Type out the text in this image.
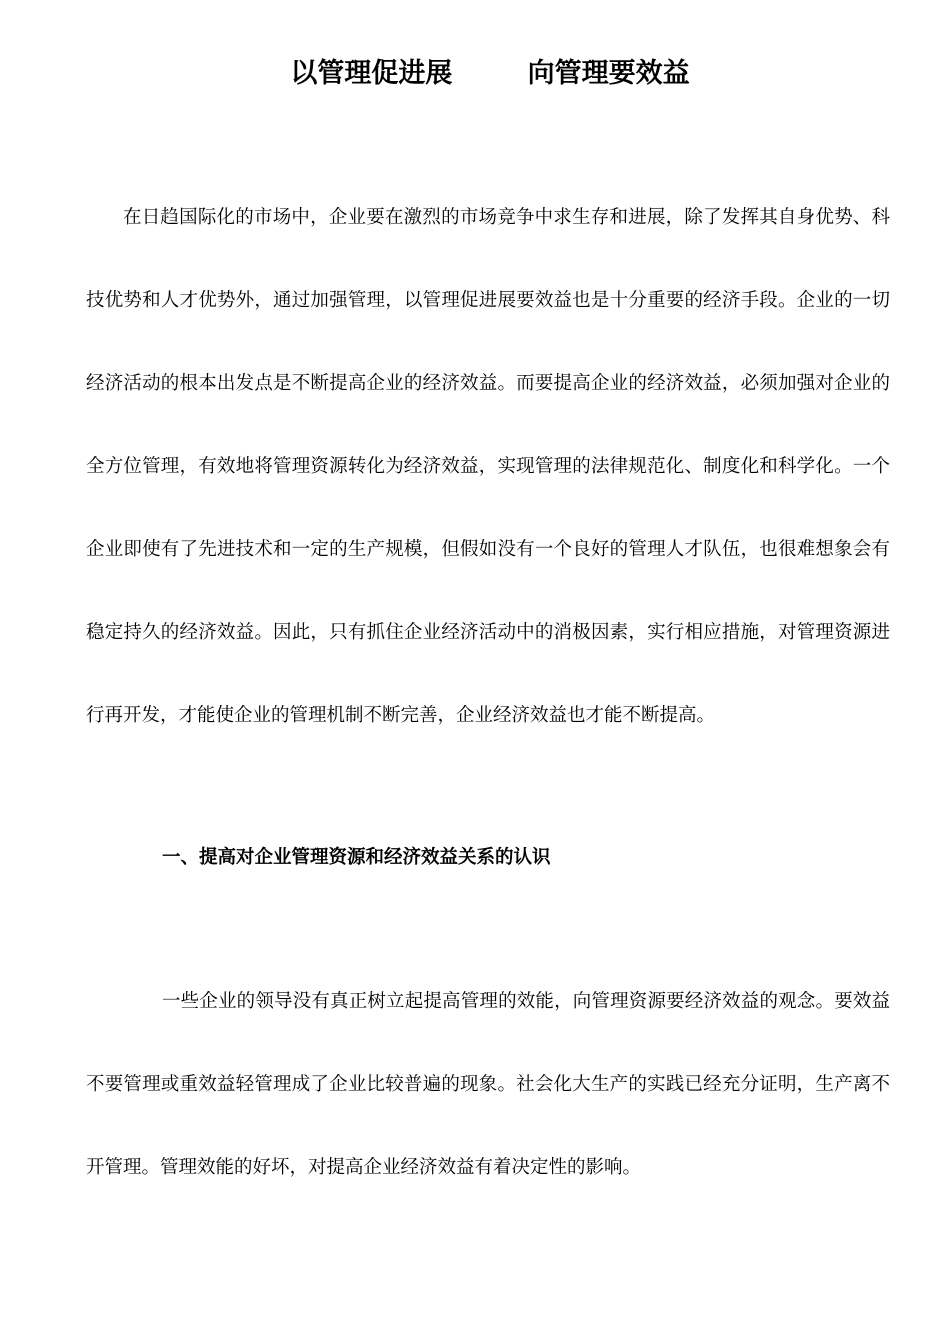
以管理促进展        向管理要效益

在日趋国际化的市场中，企业要在激烈的市场竞争中求生存和进展，除了发挥其自身优势、科技优势和人才优势外，通过加强管理，以管理促进展要效益也是十分重要的经济手段。企业的一切经济活动的根本出发点是不断提高企业的经济效益。而要提高企业的经济效益，必须加强对企业的全方位管理，有效地将管理资源转化为经济效益，实现管理的法律规范化、制度化和科学化。一个企业即使有了先进技术和一定的生产规模，但假如没有一个良好的管理人才队伍，也很难想象会有稳定持久的经济效益。因此，只有抓住企业经济活动中的消极因素，实行相应措施，对管理资源进行再开发，才能使企业的管理机制不断完善，企业经济效益也才能不断提高。

一、提高对企业管理资源和经济效益关系的认识

一些企业的领导没有真正树立起提高管理的效能，向管理资源要经济效益的观念。要效益不要管理或重效益轻管理成了企业比较普遍的现象。社会化大生产的实践已经充分证明，生产离不开管理。管理效能的好坏，对提高企业经济效益有着决定性的影响。
